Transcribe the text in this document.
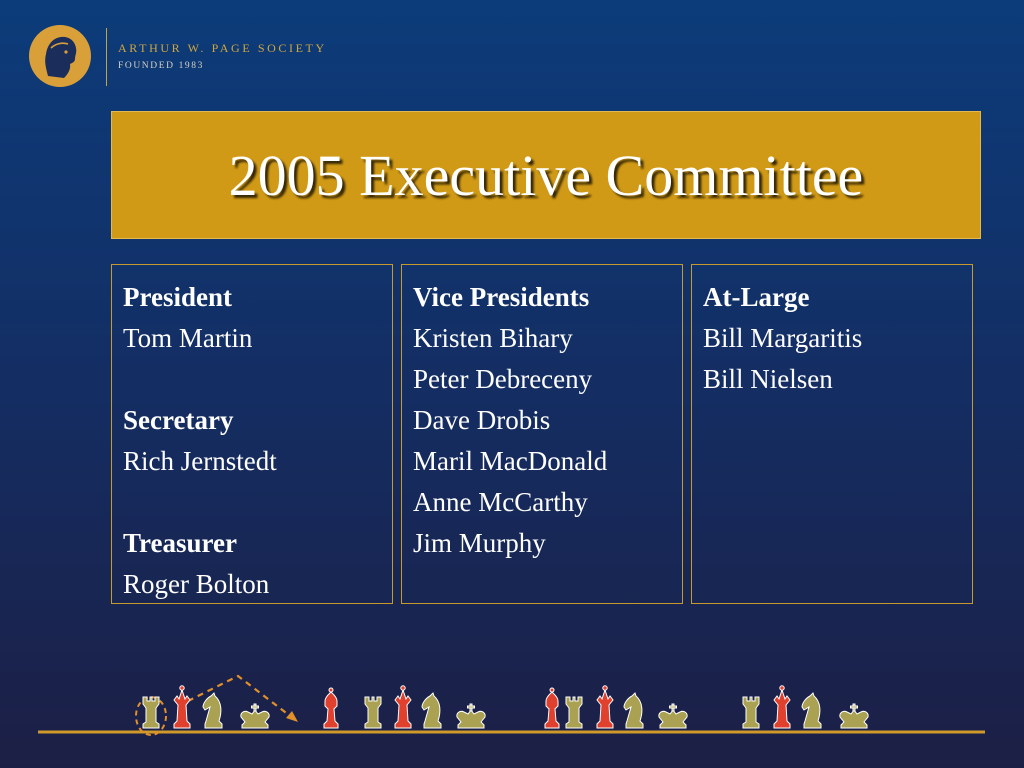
ARTHUR W. PAGE SOCIETY
FOUNDED 1983
2005 Executive Committee
President
Tom Martin
Secretary
Rich Jernstedt
Treasurer
Roger Bolton
Vice Presidents
Kristen Bihary
Peter Debreceny
Dave Drobis
Maril MacDonald
Anne McCarthy
Jim Murphy
At-Large
Bill Margaritis
Bill Nielsen
